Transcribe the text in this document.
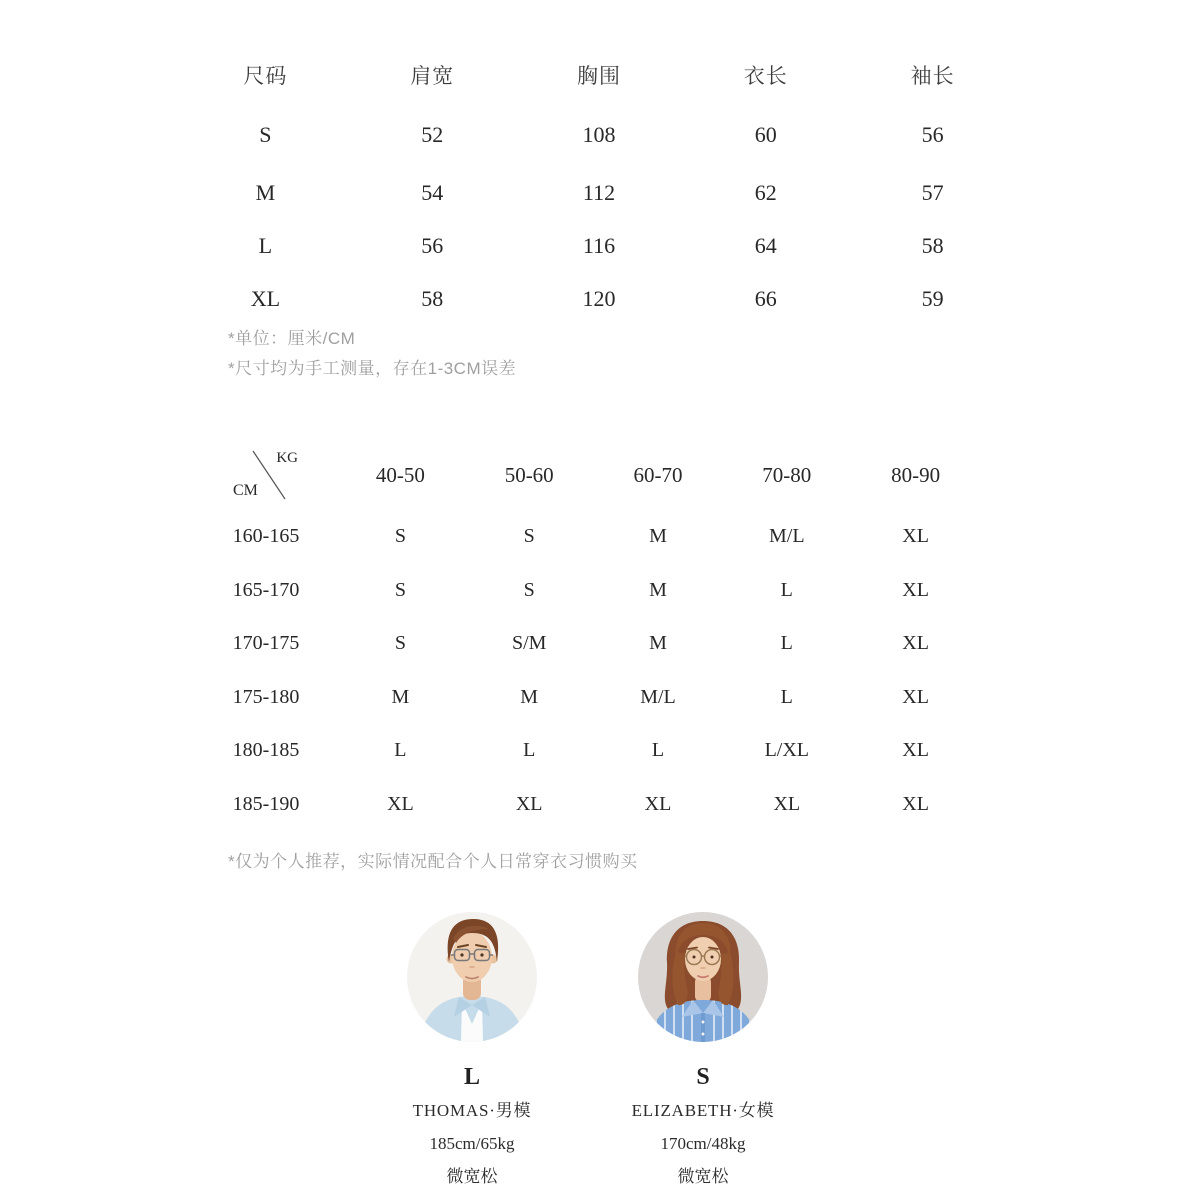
尺码	肩宽	胸围	衣长	袖长
S	52	108	60	56
M	54	112	62	57
L	56	116	64	58
XL	58	120	66	59
*单位：厘米/CM
*尺寸均为手工测量，存在1-3CM误差
KG
CM
40-50	50-60	60-70	70-80	80-90
160-165	S	S	M	M/L	XL
165-170	S	S	M	L	XL
170-175	S	S/M	M	L	XL
175-180	M	M	M/L	L	XL
180-185	L	L	L	L/XL	XL
185-190	XL	XL	XL	XL	XL
*仅为个人推荐，实际情况配合个人日常穿衣习惯购买
L
THOMAS·男模
185cm/65kg
微宽松
S
ELIZABETH·女模
170cm/48kg
微宽松
